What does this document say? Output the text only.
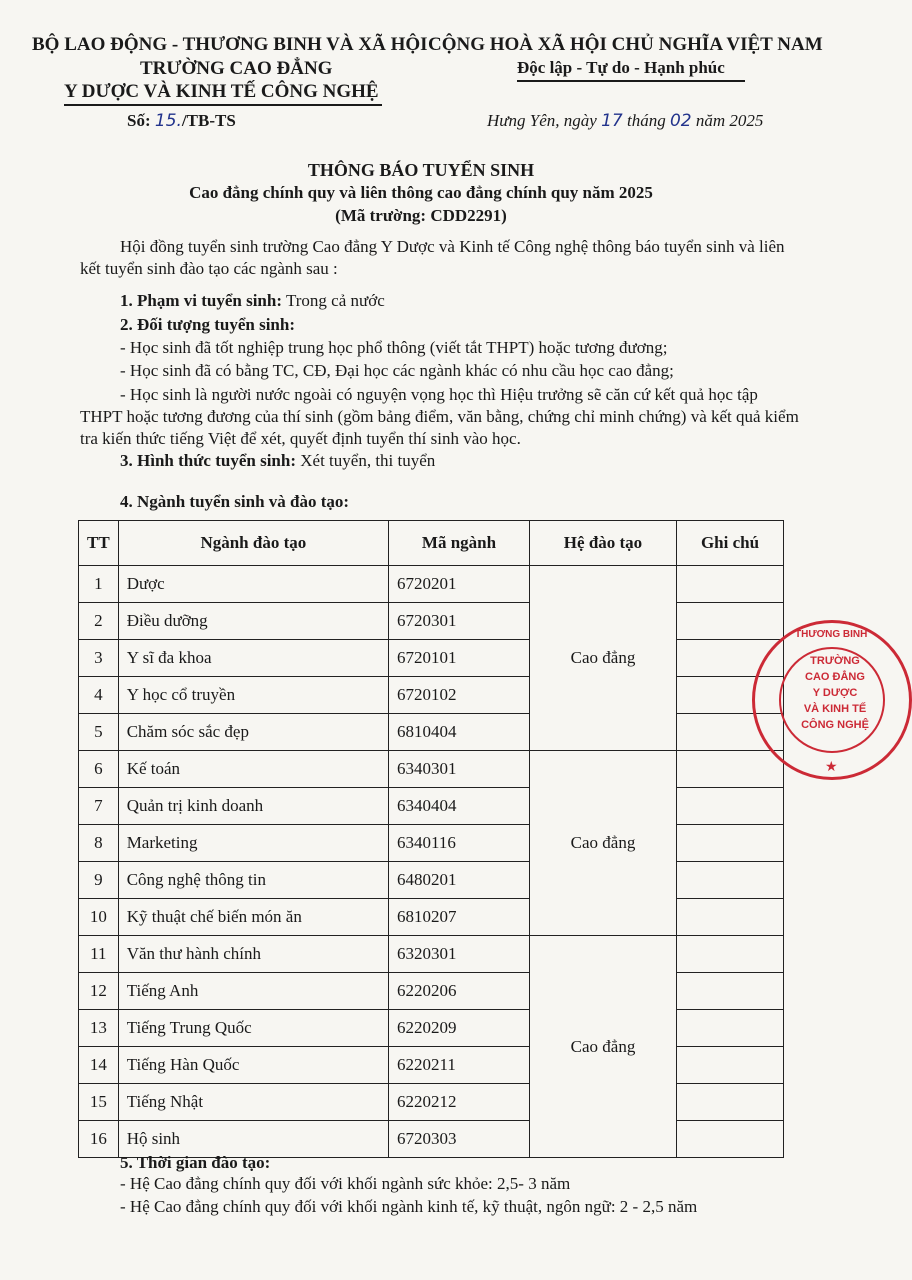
BỘ LAO ĐỘNG - THƯƠNG BINH VÀ XÃ HỘI
TRƯỜNG CAO ĐẲNG
Y DƯỢC VÀ KINH TẾ CÔNG NGHỆ
CỘNG HOÀ XÃ HỘI CHỦ NGHĨA VIỆT NAM
Độc lập - Tự do - Hạnh phúc
Số: 15./TB-TS	Hưng Yên, ngày 17 tháng 02 năm 2025
THÔNG BÁO TUYỂN SINH
Cao đẳng chính quy và liên thông cao đẳng chính quy năm 2025
(Mã trường: CDD2291)
Hội đồng tuyển sinh trường Cao đẳng Y Dược và Kinh tế Công nghệ thông báo tuyển sinh và liên kết tuyển sinh đào tạo các ngành sau :
1. Phạm vi tuyển sinh: Trong cả nước
2. Đối tượng tuyển sinh:
- Học sinh đã tốt nghiệp trung học phổ thông (viết tắt THPT) hoặc tương đương;
- Học sinh đã có bằng TC, CĐ, Đại học các ngành khác có nhu cầu học cao đẳng;
- Học sinh là người nước ngoài có nguyện vọng học thì Hiệu trưởng sẽ căn cứ kết quả học tập THPT hoặc tương đương của thí sinh (gồm bảng điểm, văn bằng, chứng chỉ minh chứng) và kết quả kiểm tra kiến thức tiếng Việt để xét, quyết định tuyển thí sinh vào học.
3. Hình thức tuyển sinh: Xét tuyển, thi tuyển
4. Ngành tuyển sinh và đào tạo:
TT	Ngành đào tạo	Mã ngành	Hệ đào tạo	Ghi chú
1	Dược	6720201	Cao đẳng	
2	Điều dưỡng	6720301		
3	Y sĩ đa khoa	6720101		
4	Y học cổ truyền	6720102		
5	Chăm sóc sắc đẹp	6810404		
6	Kế toán	6340301	Cao đẳng	
7	Quản trị kinh doanh	6340404		
8	Marketing	6340116		
9	Công nghệ thông tin	6480201		
10	Kỹ thuật chế biến món ăn	6810207		
11	Văn thư hành chính	6320301	Cao đẳng	
12	Tiếng Anh	6220206		
13	Tiếng Trung Quốc	6220209		
14	Tiếng Hàn Quốc	6220211		
15	Tiếng Nhật	6220212		
16	Hộ sinh	6720303		
5. Thời gian đào tạo:
- Hệ Cao đẳng chính quy đối với khối ngành sức khỏe: 2,5- 3 năm
- Hệ Cao đẳng chính quy đối với khối ngành kinh tế, kỹ thuật, ngôn ngữ: 2 - 2,5 năm
THƯƠNG BINH
TRƯỜNG
CAO ĐẲNG
Y DƯỢC
VÀ KINH TẾ
CÔNG NGHỆ
★
